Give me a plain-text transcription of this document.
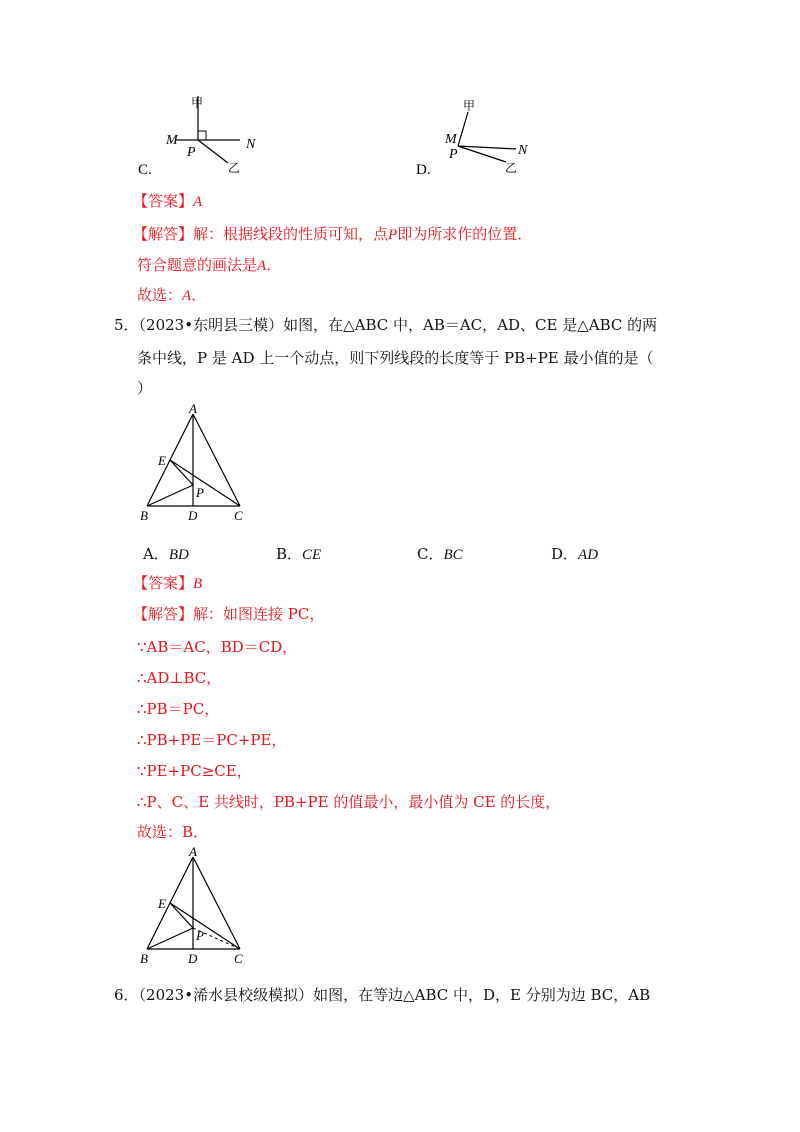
甲
M
P
N
乙
C.
甲
M
P	N
乙
D.
【答案】A
【解答】解：根据线段的性质可知，点P即为所求作的位置．
符合题意的画法是A．
故选：A．
5．（2023•东明县三模）如图，在△ABC 中，AB＝AC，AD、CE 是△ABC 的两
条中线，P 是 AD 上一个动点，则下列线段的长度等于 PB+PE 最小值的是（
）
A
E
P
B	D	C
A．BD	B．CE	C．BC	D．AD
【答案】B
【解答】解：如图连接 PC，
∵AB＝AC，BD＝CD，
∴AD⊥BC，
∴PB＝PC，
∴PB+PE＝PC+PE，
∵PE+PC≥CE，
∴P、C、E 共线时，PB+PE 的值最小，最小值为 CE 的长度，
故选：B．
A
E
P
B	D	C
6．（2023•浠水县校级模拟）如图，在等边△ABC 中，D，E 分别为边 BC，AB
